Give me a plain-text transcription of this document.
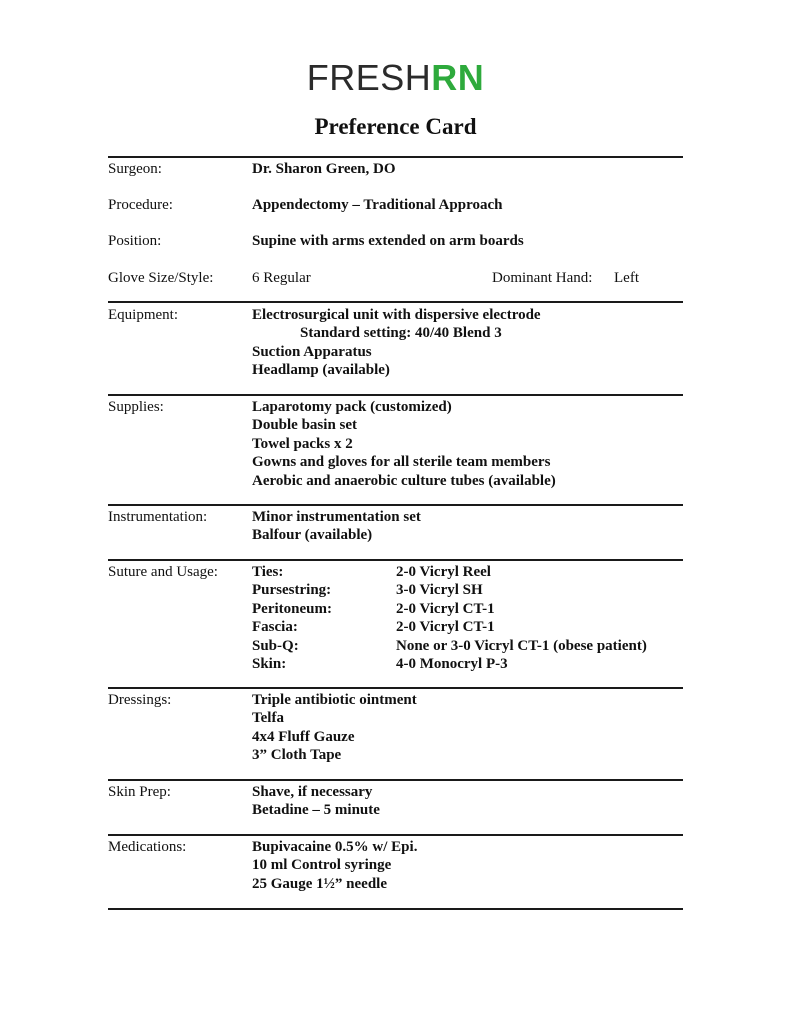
FRESHRN
Preference Card
Surgeon:	Dr. Sharon Green, DO
Procedure:	Appendectomy – Traditional Approach
Position:	Supine with arms extended on arm boards
Glove Size/Style:	6 Regular	Dominant Hand: Left
Equipment:	Electrosurgical unit with dispersive electrode
Standard setting: 40/40 Blend 3
Suction Apparatus
Headlamp (available)
Supplies:	Laparotomy pack (customized)
Double basin set
Towel packs x 2
Gowns and gloves for all sterile team members
Aerobic and anaerobic culture tubes (available)
Instrumentation:	Minor instrumentation set
Balfour (available)
Suture and Usage: Ties:	2-0 Vicryl Reel
Pursestring:	3-0 Vicryl SH
Peritoneum:	2-0 Vicryl CT-1
Fascia:	2-0 Vicryl CT-1
Sub-Q:	None or 3-0 Vicryl CT-1 (obese patient)
Skin:	4-0 Monocryl P-3
Dressings:	Triple antibiotic ointment
Telfa
4x4 Fluff Gauze
3” Cloth Tape
Skin Prep:	Shave, if necessary
Betadine – 5 minute
Medications:	Bupivacaine 0.5% w/ Epi.
10 ml Control syringe
25 Gauge 1½” needle
